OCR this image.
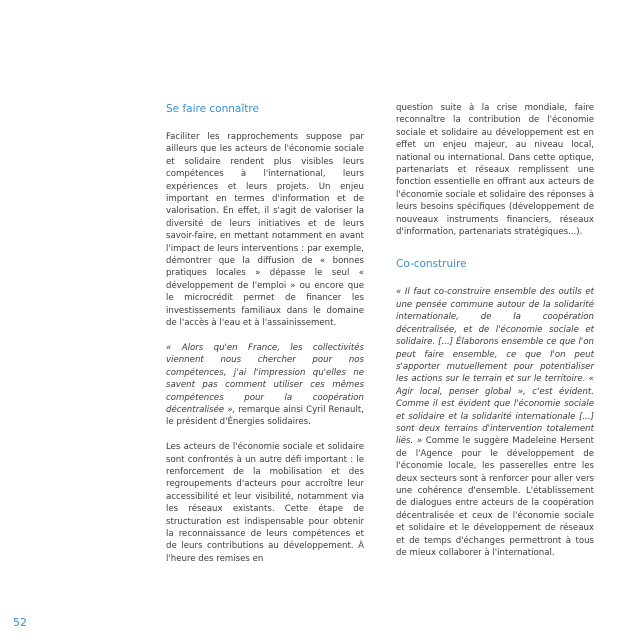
Se faire connaître

Faciliter les rapprochements suppose par ailleurs que les acteurs de l'économie sociale et solidaire rendent plus visibles leurs compétences à l'international, leurs expériences et leurs projets. Un enjeu important en termes d'information et de valorisation. En effet, il s'agit de valoriser la diversité de leurs initiatives et de leurs savoir-faire, en mettant notamment en avant l'impact de leurs interventions : par exemple, démontrer que la diffusion de « bonnes pratiques locales » dépasse le seul « développement de l'emploi » ou encore que le microcrédit permet de financer les investissements familiaux dans le domaine de l'accès à l'eau et à l'assainissement.

« Alors qu'en France, les collectivités viennent nous chercher pour nos compétences, j'ai l'impression qu'elles ne savent pas comment utiliser ces mêmes compétences pour la coopération décentralisée », remarque ainsi Cyril Renault, le président d'Énergies solidaires.

Les acteurs de l'économie sociale et solidaire sont confrontés à un autre défi important : le renforcement de la mobilisation et des regroupements d'acteurs pour accroître leur accessibilité et leur visibilité, notamment via les réseaux existants. Cette étape de structuration est indispensable pour obtenir la reconnaissance de leurs compétences et de leurs contributions au développement. À l'heure des remises en

question suite à la crise mondiale, faire reconnaître la contribution de l'économie sociale et solidaire au développement est en effet un enjeu majeur, au niveau local, national ou international. Dans cette optique, partenariats et réseaux remplissent une fonction essentielle en offrant aux acteurs de l'économie sociale et solidaire des réponses à leurs besoins spécifiques (développement de nouveaux instruments financiers, réseaux d'information, partenariats stratégiques...).

Co-construire

« Il faut co-construire ensemble des outils et une pensée commune autour de la solidarité internationale, de la coopération décentralisée, et de l'économie sociale et solidaire. [...] Élaborons ensemble ce que l'on peut faire ensemble, ce que l'on peut s'apporter mutuellement pour potentialiser les actions sur le terrain et sur le territoire. « Agir local, penser global », c'est évident. Comme il est évident que l'économie sociale et solidaire et la solidarité internationale [...] sont deux terrains d'intervention totalement liés. » Comme le suggère Madeleine Hersent de l'Agence pour le développement de l'économie locale, les passerelles entre les deux secteurs sont à renforcer pour aller vers une cohérence d'ensemble. L'établissement de dialogues entre acteurs de la coopération décentralisée et ceux de l'économie sociale et solidaire et le développement de réseaux et de temps d'échanges permettront à tous de mieux collaborer à l'international.

52
